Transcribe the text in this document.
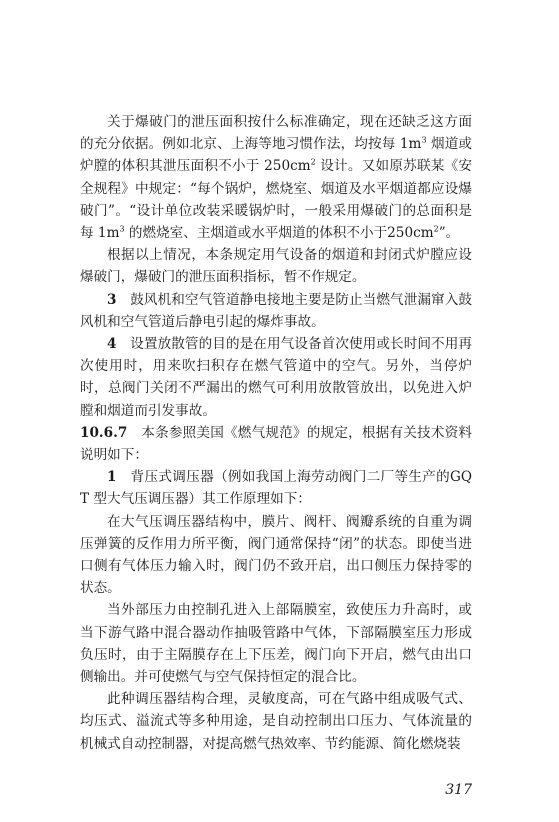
关于爆破门的泄压面积按什么标准确定，现在还缺乏这方面的充分依据。例如北京、上海等地习惯作法，均按每 $1m^3$ 烟道或炉膛的体积其泄压面积不小于 $250cm^2$ 设计。又如原苏联某《安全规程》中规定：“每个锅炉，燃烧室、烟道及水平烟道都应设爆破门”。“设计单位改装采暖锅炉时，一般采用爆破门的总面积是每 $1m^3$ 的燃烧室、主烟道或水平烟道的体积不小于$250cm^2$”。

根据以上情况，本条规定用气设备的烟道和封闭式炉膛应设爆破门，爆破门的泄压面积指标，暂不作规定。

3　鼓风机和空气管道静电接地主要是防止当燃气泄漏窜入鼓风机和空气管道后静电引起的爆炸事故。

4　设置放散管的目的是在用气设备首次使用或长时间不用再次使用时，用来吹扫积存在燃气管道中的空气。另外，当停炉时，总阀门关闭不严漏出的燃气可利用放散管放出，以免进入炉膛和烟道而引发事故。

10.6.7　本条参照美国《燃气规范》的规定，根据有关技术资料说明如下：

1　背压式调压器（例如我国上海劳动阀门二厂等生产的GQT 型大气压调压器）其工作原理如下：

在大气压调压器结构中，膜片、阀杆、阀瓣系统的自重为调压弹簧的反作用力所平衡，阀门通常保持“闭”的状态。即使当进口侧有气体压力输入时，阀门仍不致开启，出口侧压力保持零的状态。

当外部压力由控制孔进入上部隔膜室，致使压力升高时，或当下游气路中混合器动作抽吸管路中气体，下部隔膜室压力形成负压时，由于主隔膜存在上下压差，阀门向下开启，燃气由出口侧输出。并可使燃气与空气保持恒定的混合比。

此种调压器结构合理，灵敏度高，可在气路中组成吸气式、均压式、溢流式等多种用途，是自动控制出口压力、气体流量的机械式自动控制器，对提高燃气热效率、节约能源、简化燃烧装

317
